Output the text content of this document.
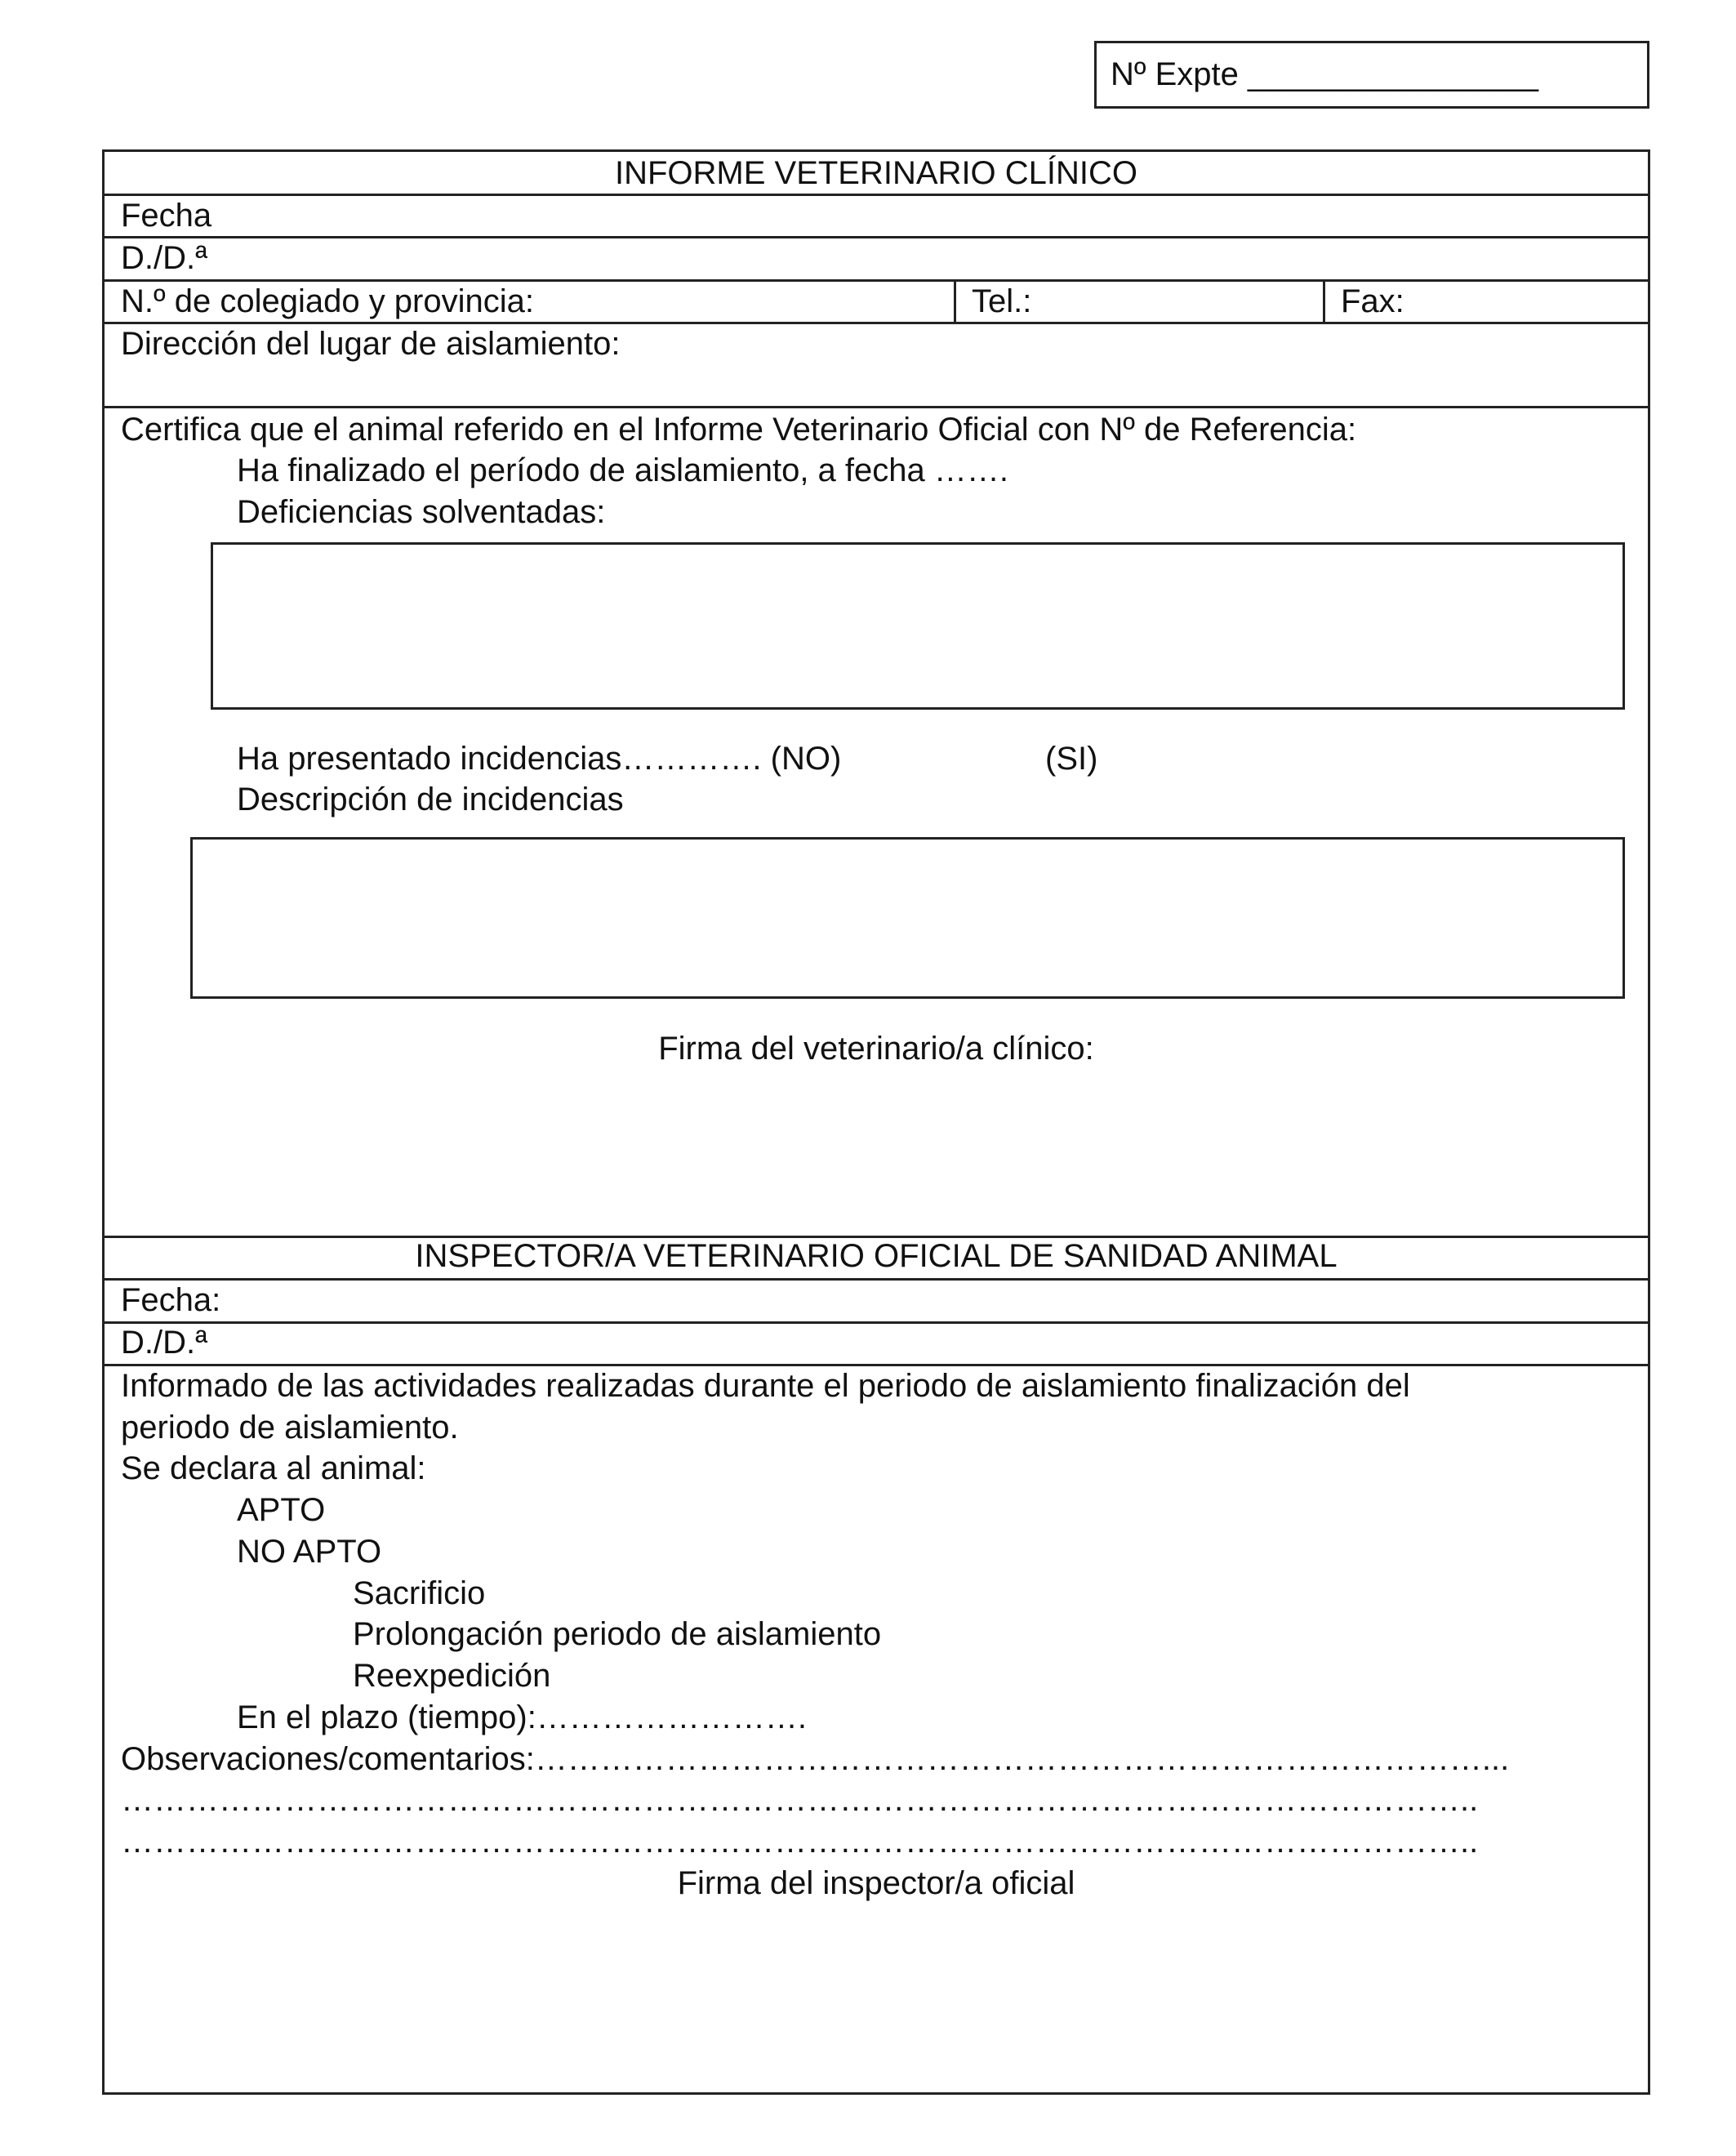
Nº Expte ________________

INFORME VETERINARIO CLÍNICO

Fecha

D./D.ª

N.º de colegiado y provincia:	Tel.:	Fax:

Dirección del lugar de aislamiento:

Certifica que el animal referido en el Informe Veterinario Oficial con Nº de Referencia:

Ha finalizado el período de aislamiento, a fecha …….

Deficiencias solventadas:

Ha presentado incidencias…………. (NO)	(SI)

Descripción de incidencias

Firma del veterinario/a clínico:

INSPECTOR/A VETERINARIO OFICIAL DE SANIDAD ANIMAL

Fecha:

D./D.ª

Informado de las actividades realizadas durante el periodo de aislamiento finalización del

periodo de aislamiento.

Se declara al animal:

APTO

NO APTO

Sacrificio

Prolongación periodo de aislamiento

Reexpedición

En el plazo (tiempo):…………………….

Observaciones/comentarios:……………………………………………………………………………...

……………………………………………………………………………………………………………..

……………………………………………………………………………………………………………..

Firma del inspector/a oficial
